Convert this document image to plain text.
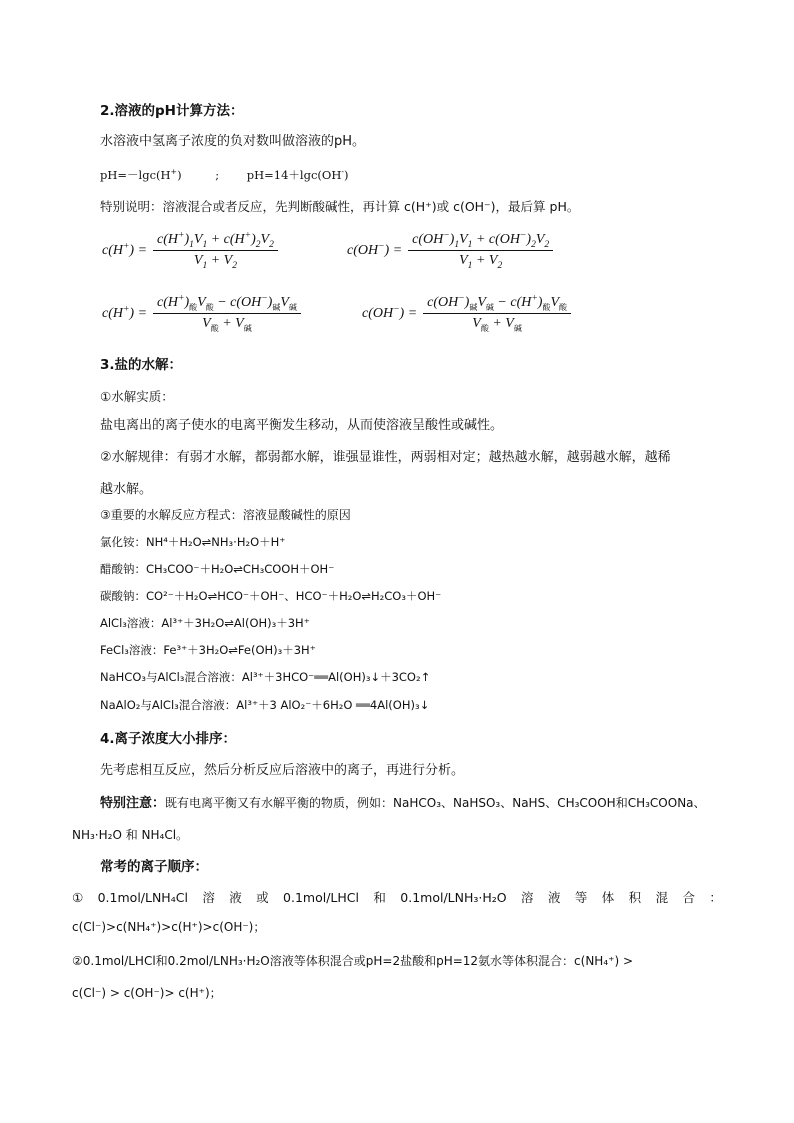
2.溶液的pH计算方法：
水溶液中氢离子浓度的负对数叫做溶液的pH。
pH=－lgc(H+)	; pH=14＋lgc(OH-)
特别说明：溶液混合或者反应，先判断酸碱性，再计算 c(H⁺)或 c(OH⁻)，最后算 pH。
$c(H^+) = \frac{c(H^+)_1V_1 + c(H^+)_2V_2}{V_1 + V_2}$	$c(OH^-) = \frac{c(OH^-)_1V_1 + c(OH^-)_2V_2}{V_1 + V_2}$
$c(H^+) = \frac{c(H^+)_酸V_酸 - c(OH^-)_碱V_碱}{V_酸 + V_碱}$	$c(OH^-) = \frac{c(OH^-)_碱V_碱 - c(H^+)_酸V_酸}{V_酸 + V_碱}$
3.盐的水解：
①水解实质：
盐电离出的离子使水的电离平衡发生移动，从而使溶液呈酸性或碱性。
②水解规律：有弱才水解，都弱都水解，谁强显谁性，两弱相对定；越热越水解，越弱越水解，越稀
越水解。
③重要的水解反应方程式：溶液显酸碱性的原因
氯化铵：NH⁴＋H₂O⇌NH₃·H₂O＋H⁺
醋酸钠：CH₃COO⁻＋H₂O⇌CH₃COOH＋OH⁻
碳酸钠：CO²⁻＋H₂O⇌HCO⁻＋OH⁻、HCO⁻＋H₂O⇌H₂CO₃＋OH⁻
AlCl₃溶液：Al³⁺＋3H₂O⇌Al(OH)₃＋3H⁺
FeCl₃溶液：Fe³⁺＋3H₂O⇌Fe(OH)₃＋3H⁺
NaHCO₃与AlCl₃混合溶液：Al³⁺＋3HCO⁻══Al(OH)₃↓＋3CO₂↑
NaAlO₂与AlCl₃混合溶液：Al³⁺＋3 AlO₂⁻＋6H₂O ══4Al(OH)₃↓
4.离子浓度大小排序：
先考虑相互反应，然后分析反应后溶液中的离子，再进行分析。
特别注意：既有电离平衡又有水解平衡的物质，例如：NaHCO₃、NaHSO₃、NaHS、CH₃COOH和CH₃COONa、
NH₃·H₂O 和 NH₄Cl。
常考的离子顺序：
① 0.1mol/LNH₄Cl 溶 液 或 0.1mol/LHCl 和 0.1mol/LNH₃·H₂O 溶 液 等 体 积 混 合 ：
c(Cl⁻)>c(NH₄⁺)>c(H⁺)>c(OH⁻)；
②0.1mol/LHCl和0.2mol/LNH₃·H₂O溶液等体积混合或pH=2盐酸和pH=12氨水等体积混合：c(NH₄⁺) >
c(Cl⁻) > c(OH⁻)> c(H⁺)；
